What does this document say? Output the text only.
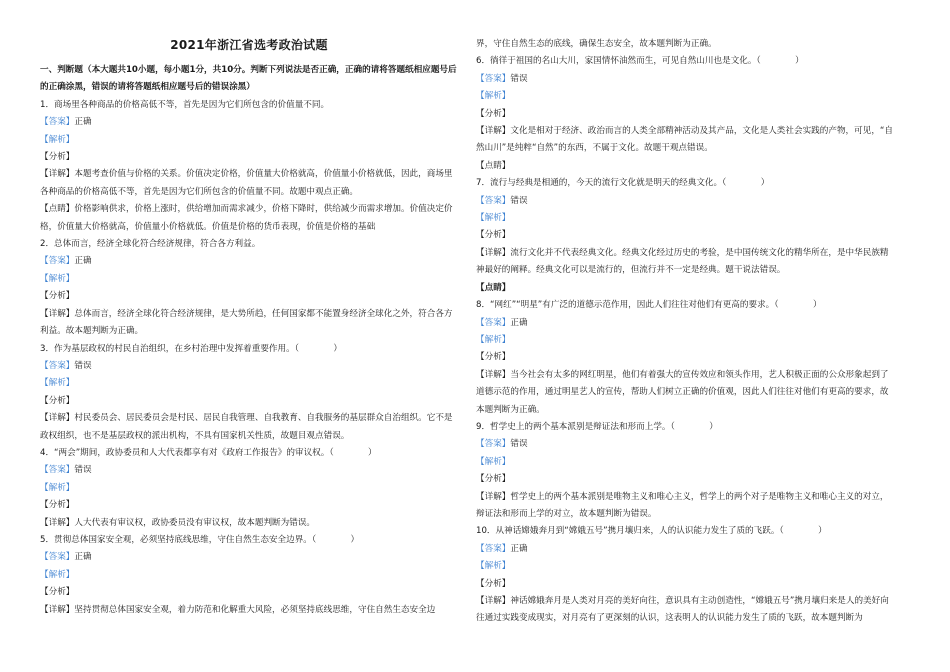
2021年浙江省选考政治试题
一、判断题（本大题共10小题，每小题1分，共10分。判断下列说法是否正确，正确的请将答题纸相应题号后的正确涂黑，错误的请将答题纸相应题号后的错误涂黑）
1．商场里各种商品的价格高低不等，首先是因为它们所包含的价值量不同。
【答案】正确
【解析】
【分析】
【详解】本题考查价值与价格的关系。价值决定价格，价值量大价格就高，价值量小价格就低，因此，商场里各种商品的价格高低不等，首先是因为它们所包含的价值量不同。故题中观点正确。
【点睛】价格影响供求，价格上涨时，供给增加而需求减少，价格下降时，供给减少而需求增加。价值决定价格，价值量大价格就高，价值量小价格就低。价值是价格的货币表现，价值是价格的基础
2．总体而言，经济全球化符合经济规律，符合各方利益。
【答案】正确
【解析】
【分析】
【详解】总体而言，经济全球化符合经济规律，是大势所趋，任何国家都不能置身经济全球化之外，符合各方利益。故本题判断为正确。
3．作为基层政权的村民自治组织，在乡村治理中发挥着重要作用。（　　　　）
【答案】错误
【解析】
【分析】
【详解】村民委员会、居民委员会是村民、居民自我管理、自我教育、自我服务的基层群众自治组织。它不是政权组织，也不是基层政权的派出机构，不具有国家机关性质，故题目观点错误。
4．“两会”期间，政协委员和人大代表都享有对《政府工作报告》的审议权。（　　　　）
【答案】错误
【解析】
【分析】
【详解】人大代表有审议权，政协委员没有审议权，故本题判断为错误。
5．贯彻总体国家安全观，必须坚持底线思维，守住自然生态安全边界。（　　　　）
【答案】正确
【解析】
【分析】
【详解】坚持贯彻总体国家安全观，着力防范和化解重大风险，必须坚持底线思维，守住自然生态安全边
界，守住自然生态的底线，确保生态安全，故本题判断为正确。
6．徜徉于祖国的名山大川，家国情怀油然而生，可见自然山川也是文化。（　　　　）
【答案】错误
【解析】
【分析】
【详解】文化是相对于经济、政治而言的人类全部精神活动及其产品，文化是人类社会实践的产物，可见，“自然山川”是纯粹“自然”的东西，不属于文化。故题干观点错误。
【点睛】
7．流行与经典是相通的，今天的流行文化就是明天的经典文化。（　　　　）
【答案】错误
【解析】
【分析】
【详解】流行文化并不代表经典文化。经典文化经过历史的考验，是中国传统文化的精华所在，是中华民族精神最好的阐释。经典文化可以是流行的，但流行并不一定是经典。题干说法错误。
【点睛】
8．“网红”“明星”有广泛的道德示范作用，因此人们往往对他们有更高的要求。（　　　　）
【答案】正确
【解析】
【分析】
【详解】当今社会有太多的网红明星，他们有着强大的宣传效应和领头作用，艺人积极正面的公众形象起到了道德示范的作用，通过明星艺人的宣传，帮助人们树立正确的价值观，因此人们往往对他们有更高的要求，故本题判断为正确。
9．哲学史上的两个基本派别是辩证法和形而上学。（　　　　）
【答案】错误
【解析】
【分析】
【详解】哲学史上的两个基本派别是唯物主义和唯心主义，哲学上的两个对子是唯物主义和唯心主义的对立，辩证法和形而上学的对立，故本题判断为错误。
10．从神话嫦娥奔月到“嫦娥五号”携月壤归来，人的认识能力发生了质的飞跃。（　　　　）
【答案】正确
【解析】
【分析】
【详解】神话嫦娥奔月是人类对月亮的美好向往，意识具有主动创造性，“嫦娥五号”携月壤归来是人的美好向往通过实践变成现实，对月亮有了更深刻的认识，这表明人的认识能力发生了质的飞跃，故本题判断为
